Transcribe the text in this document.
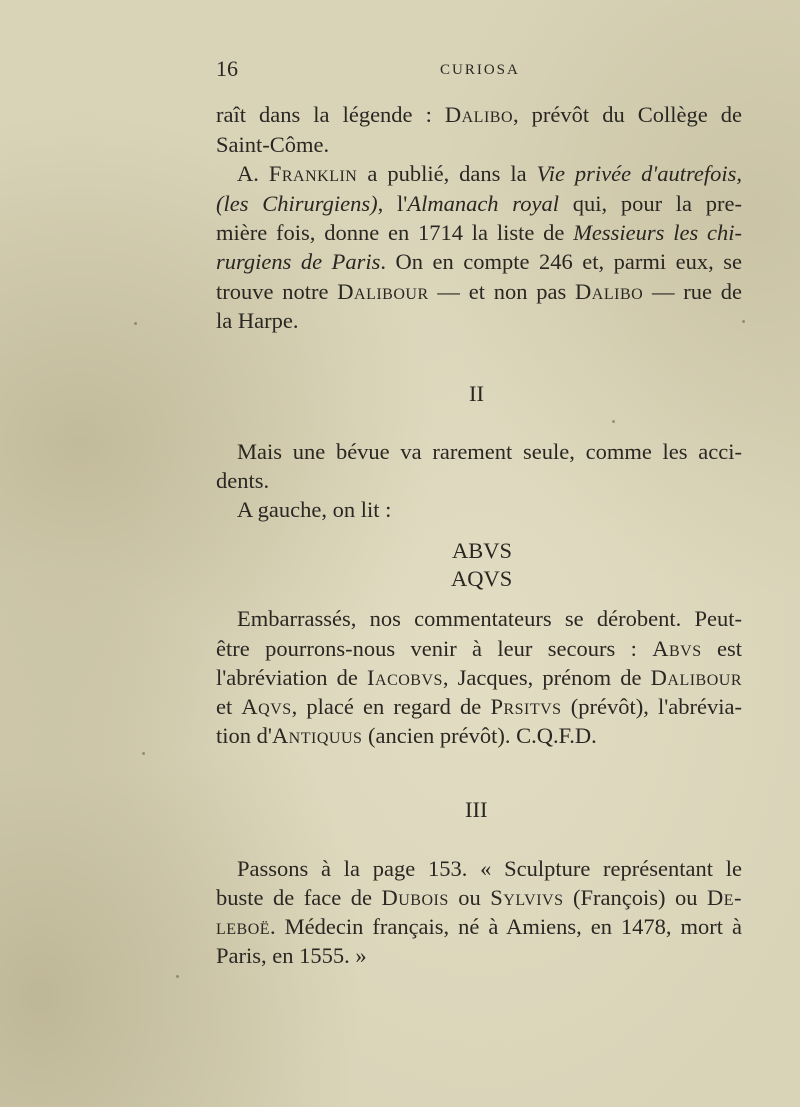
16	CURIOSA
raît dans la légende : Dalibo, prévôt du Collège de
Saint-Côme.
A. Franklin a publié, dans la Vie privée d'autrefois,
(les Chirurgiens), l'Almanach royal qui, pour la pre-
mière fois, donne en 1714 la liste de Messieurs les chi-
rurgiens de Paris. On en compte 246 et, parmi eux, se
trouve notre Dalibour — et non pas Dalibo — rue de
la Harpe.
II
Mais une bévue va rarement seule, comme les acci-
dents.
A gauche, on lit :
ABVS
AQVS
Embarrassés, nos commentateurs se dérobent. Peut-
être pourrons-nous venir à leur secours : Abvs est
l'abréviation de Iacobvs, Jacques, prénom de Dalibour
et Aqvs, placé en regard de Prsitvs (prévôt), l'abrévia-
tion d'Antiquus (ancien prévôt). C.Q.F.D.
III
Passons à la page 153. « Sculpture représentant le
buste de face de Dubois ou Sylvivs (François) ou De-
leboë. Médecin français, né à Amiens, en 1478, mort à
Paris, en 1555. »
